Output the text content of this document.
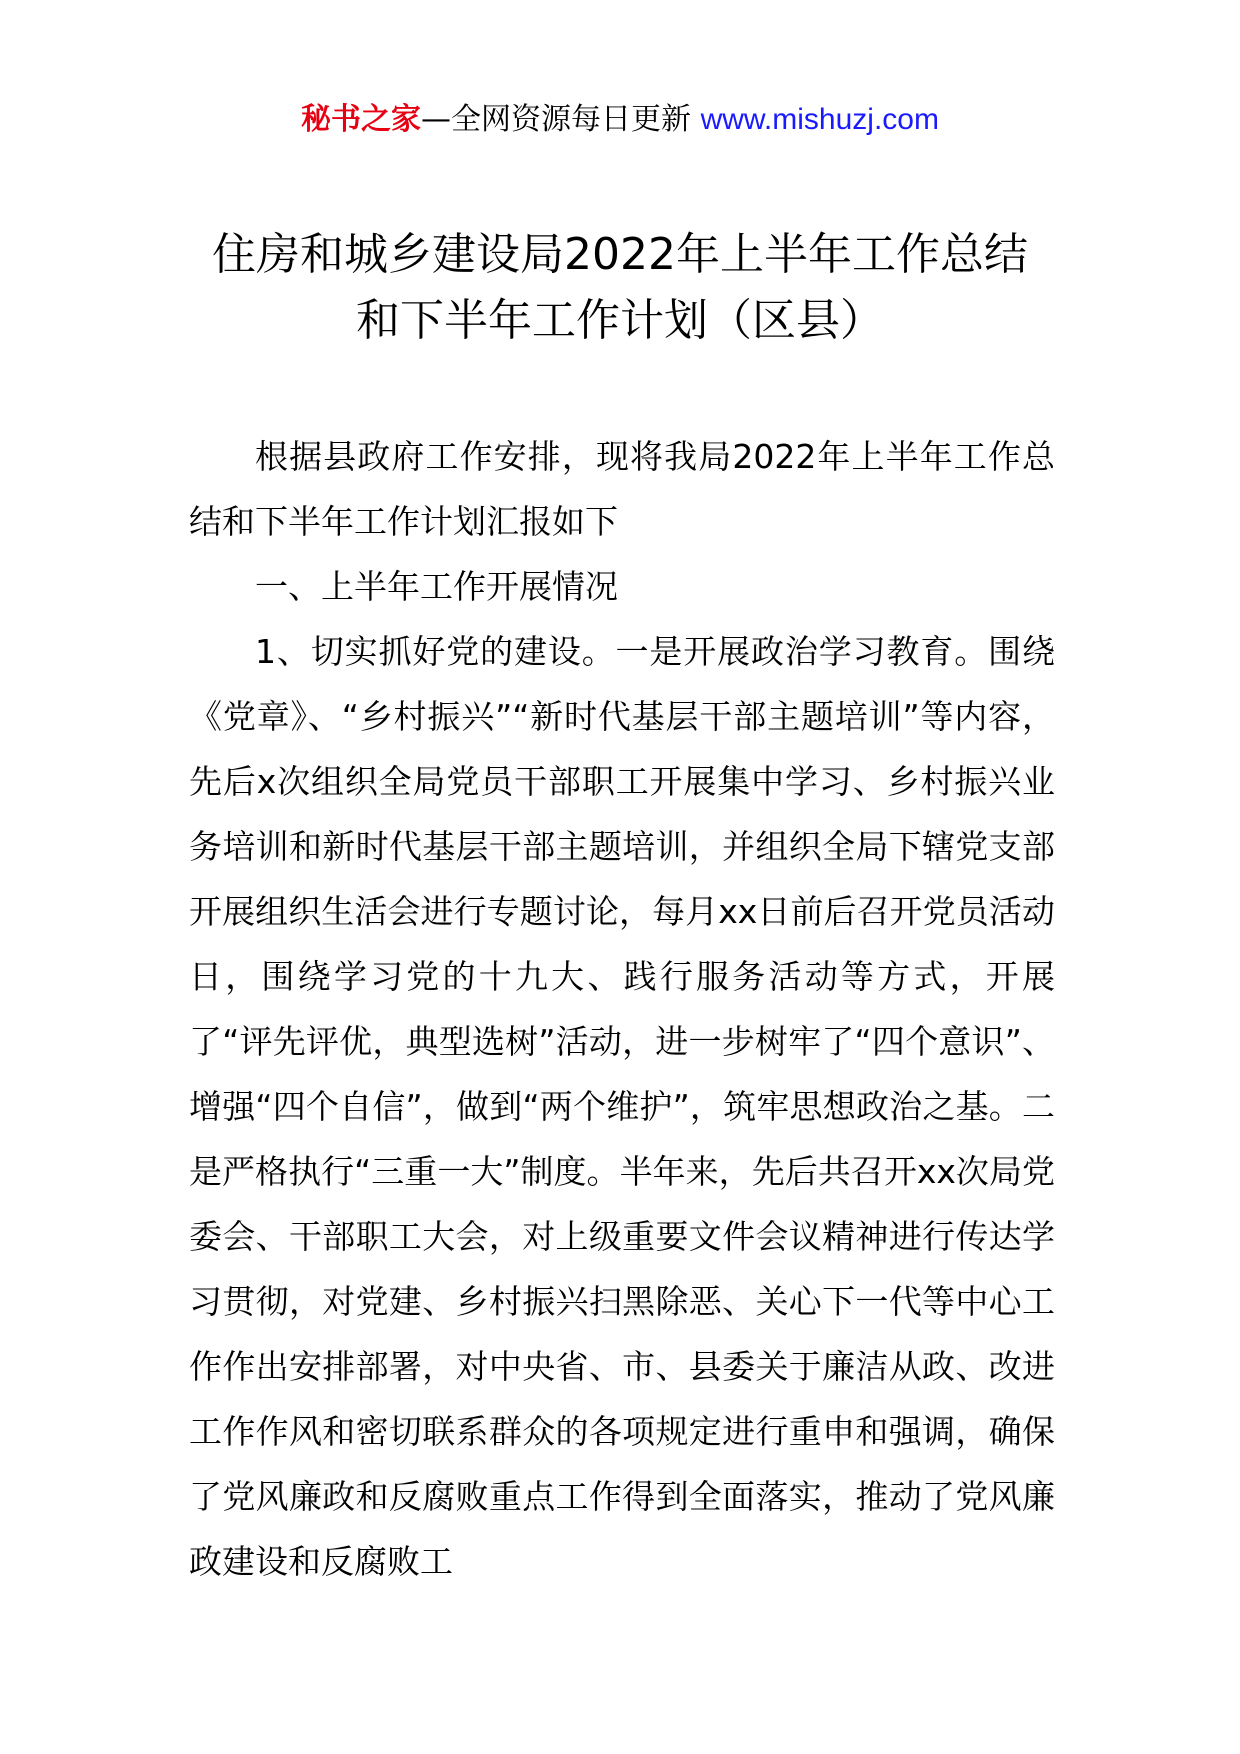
秘书之家—全网资源每日更新 www.mishuzj.com
住房和城乡建设局2022年上半年工作总结
和下半年工作计划（区县）

根据县政府工作安排，现将我局2022年上半年工作总结和下半年工作计划汇报如下

一、上半年工作开展情况

1、切实抓好党的建设。一是开展政治学习教育。围绕《党章》、“乡村振兴”“新时代基层干部主题培训”等内容，先后x次组织全局党员干部职工开展集中学习、乡村振兴业务培训和新时代基层干部主题培训，并组织全局下辖党支部开展组织生活会进行专题讨论，每月xx日前后召开党员活动日，围绕学习党的十九大、践行服务活动等方式，开展了“评先评优，典型选树”活动，进一步树牢了“四个意识”、增强“四个自信”，做到“两个维护”，筑牢思想政治之基。二是严格执行“三重一大”制度。半年来，先后共召开xx次局党委会、干部职工大会，对上级重要文件会议精神进行传达学习贯彻，对党建、乡村振兴扫黑除恶、关心下一代等中心工作作出安排部署，对中央省、市、县委关于廉洁从政、改进工作作风和密切联系群众的各项规定进行重申和强调，确保了党风廉政和反腐败重点工作得到全面落实，推动了党风廉政建设和反腐败工
